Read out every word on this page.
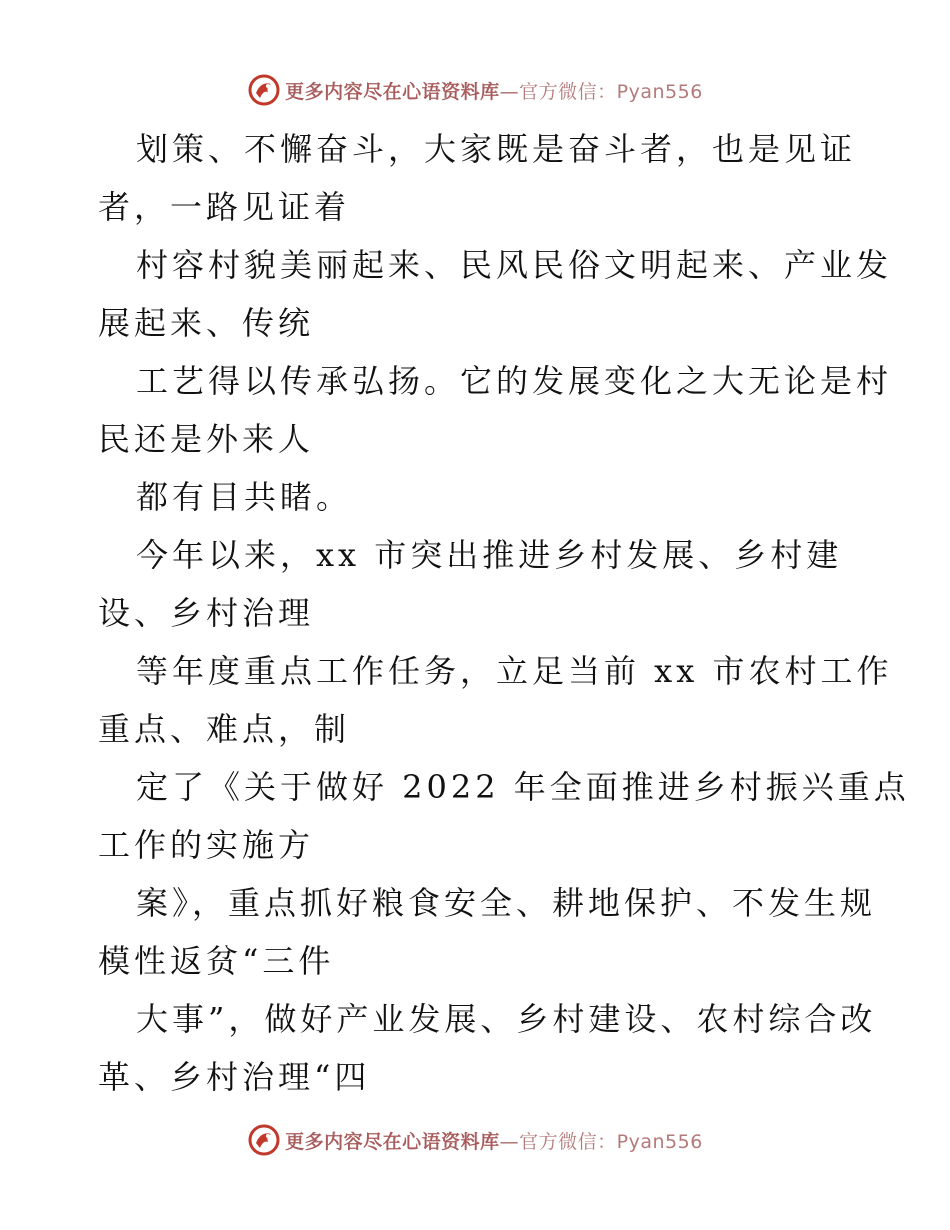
更多内容尽在心语资料库—官方微信：Pyan556
划策、不懈奋斗，大家既是奋斗者，也是见证
者，一路见证着
村容村貌美丽起来、民风民俗文明起来、产业发
展起来、传统
工艺得以传承弘扬。它的发展变化之大无论是村
民还是外来人
都有目共睹。
今年以来，xx 市突出推进乡村发展、乡村建
设、乡村治理
等年度重点工作任务，立足当前 xx 市农村工作
重点、难点，制
定了《关于做好 2022 年全面推进乡村振兴重点
工作的实施方
案》，重点抓好粮食安全、耕地保护、不发生规
模性返贫“三件
大事”，做好产业发展、乡村建设、农村综合改
革、乡村治理“四
更多内容尽在心语资料库—官方微信：Pyan556
